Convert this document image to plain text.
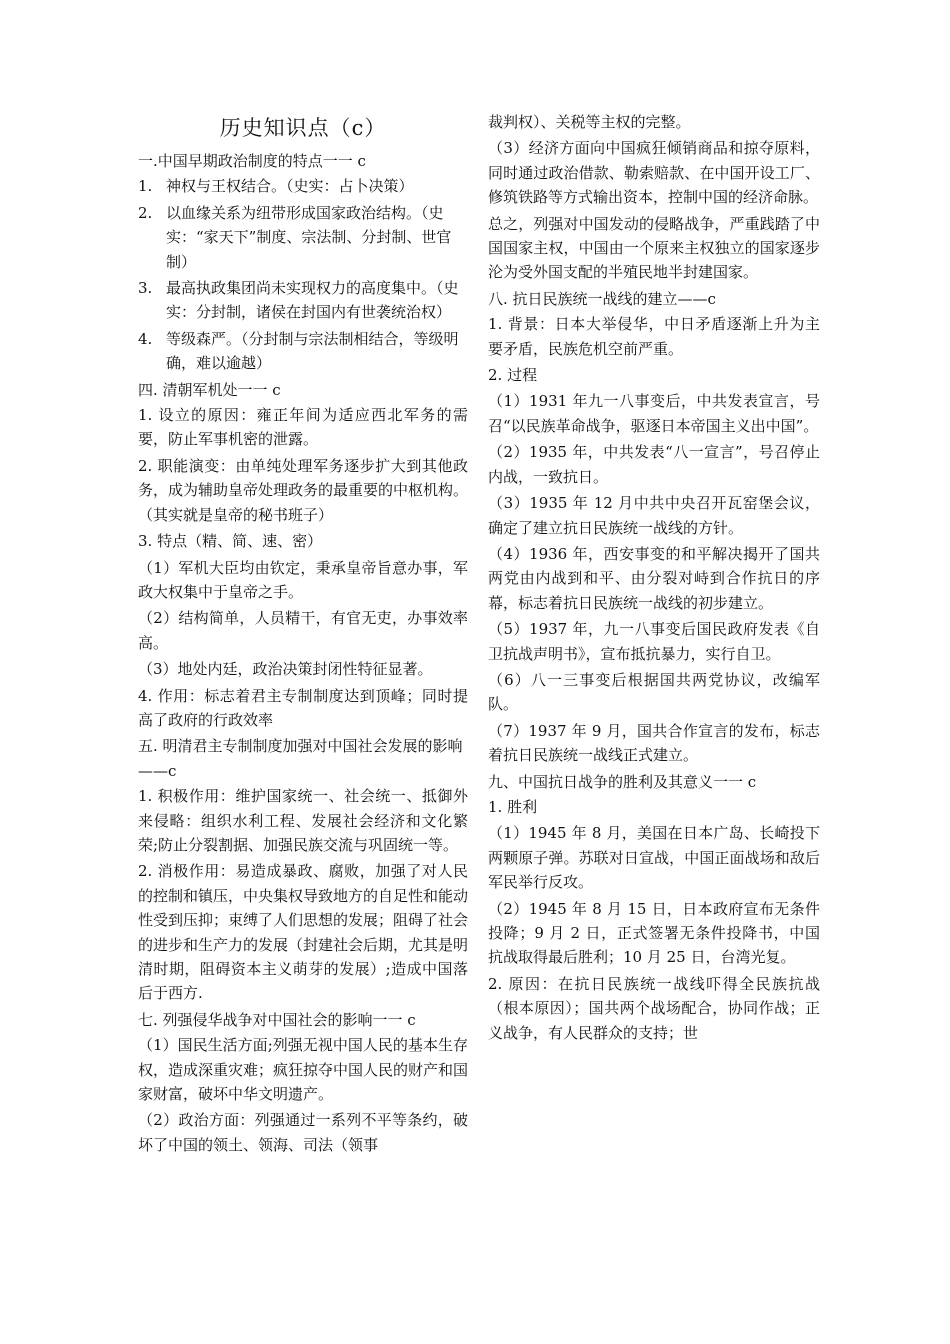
历史知识点（c）

一.中国早期政治制度的特点一一 c

1. 神权与王权结合。（史实：占卜决策）

2. 以血缘关系为纽带形成国家政治结构。（史实：“家天下”制度、宗法制、分封制、世官制）

3. 最高执政集团尚未实现权力的高度集中。（史实：分封制，诸侯在封国内有世袭统治权）

4. 等级森严。（分封制与宗法制相结合，等级明确，难以逾越）

四. 清朝军机处一一 c

1. 设立的原因：雍正年间为适应西北军务的需要，防止军事机密的泄露。

2. 职能演变：由单纯处理军务逐步扩大到其他政务，成为辅助皇帝处理政务的最重要的中枢机构。（其实就是皇帝的秘书班子）

3. 特点（精、简、速、密）

（1）军机大臣均由钦定，秉承皇帝旨意办事，军政大权集中于皇帝之手。

（2）结构简单，人员精干，有官无吏，办事效率高。

（3）地处内廷，政治决策封闭性特征显著。

4. 作用：标志着君主专制制度达到顶峰；同时提高了政府的行政效率

五. 明清君主专制制度加强对中国社会发展的影响——c

1. 积极作用：维护国家统一、社会统一、抵御外来侵略：组织水利工程、发展社会经济和文化繁荣;防止分裂割据、加强民族交流与巩固统一等。

2. 消极作用：易造成暴政、腐败，加强了对人民的控制和镇压，中央集权导致地方的自足性和能动性受到压抑；束缚了人们思想的发展；阻碍了社会的进步和生产力的发展（封建社会后期，尤其是明清时期，阻碍资本主义萌芽的发展）;造成中国落后于西方.

七. 列强侵华战争对中国社会的影响一一 c

（1）国民生活方面;列强无视中国人民的基本生存权，造成深重灾难；疯狂掠夺中国人民的财产和国家财富，破坏中华文明遗产。

（2）政治方面：列强通过一系列不平等条约，破坏了中国的领土、领海、司法（领事

裁判权）、关税等主权的完整。

（3）经济方面向中国疯狂倾销商品和掠夺原料，同时通过政治借款、勒索赔款、在中国开设工厂、修筑铁路等方式输出资本，控制中国的经济命脉。

总之，列强对中国发动的侵略战争，严重践踏了中国国家主权，中国由一个原来主权独立的国家逐步沦为受外国支配的半殖民地半封建国家。

八. 抗日民族统一战线的建立——c

1. 背景：日本大举侵华，中日矛盾逐渐上升为主要矛盾，民族危机空前严重。

2. 过程

（1）1931 年九一八事变后，中共发表宣言，号召“以民族革命战争，驱逐日本帝国主义出中国”。

（2）1935 年，中共发表“八一宣言”，号召停止内战，一致抗日。

（3）1935 年 12 月中共中央召开瓦窑堡会议，确定了建立抗日民族统一战线的方针。

（4）1936 年，西安事变的和平解决揭开了国共两党由内战到和平、由分裂对峙到合作抗日的序幕，标志着抗日民族统一战线的初步建立。

（5）1937 年，九一八事变后国民政府发表《自卫抗战声明书》，宣布抵抗暴力，实行自卫。

（6）八一三事变后根据国共两党协议，改编军队。

（7）1937 年 9 月，国共合作宣言的发布，标志着抗日民族统一战线正式建立。

九、中国抗日战争的胜利及其意义一一 c

1. 胜利

（1）1945 年 8 月，美国在日本广岛、长崎投下两颗原子弹。苏联对日宣战，中国正面战场和敌后军民举行反攻。

（2）1945 年 8 月 15 日，日本政府宣布无条件投降；9 月 2 日，正式签署无条件投降书，中国抗战取得最后胜利；10 月 25 日，台湾光复。

2. 原因：在抗日民族统一战线吓得全民族抗战（根本原因）；国共两个战场配合，协同作战；正义战争，有人民群众的支持；世
